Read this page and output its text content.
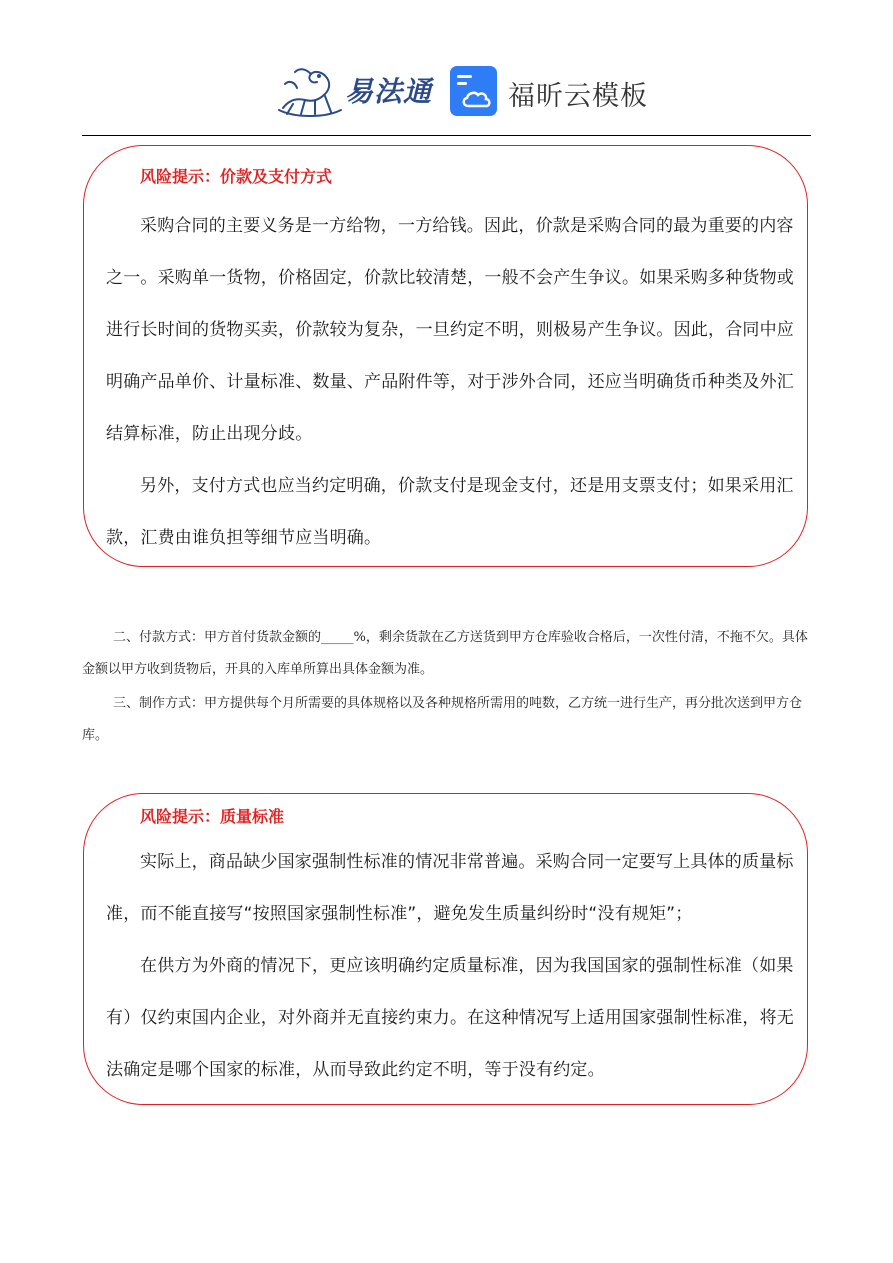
易法通	福昕云模板
风险提示：价款及支付方式

采购合同的主要义务是一方给物，一方给钱。因此，价款是采购合同的最为重要的内容之一。采购单一货物，价格固定，价款比较清楚，一般不会产生争议。如果采购多种货物或进行长时间的货物买卖，价款较为复杂，一旦约定不明，则极易产生争议。因此，合同中应明确产品单价、计量标准、数量、产品附件等，对于涉外合同，还应当明确货币种类及外汇结算标准，防止出现分歧。

另外，支付方式也应当约定明确，价款支付是现金支付，还是用支票支付；如果采用汇款，汇费由谁负担等细节应当明确。

二、付款方式：甲方首付货款金额的_____%，剩余货款在乙方送货到甲方仓库验收合格后，一次性付清，不拖不欠。具体金额以甲方收到货物后，开具的入库单所算出具体金额为准。

三、制作方式：甲方提供每个月所需要的具体规格以及各种规格所需用的吨数，乙方统一进行生产，再分批次送到甲方仓库。

风险提示：质量标准

实际上，商品缺少国家强制性标准的情况非常普遍。采购合同一定要写上具体的质量标准，而不能直接写“按照国家强制性标准”，避免发生质量纠纷时“没有规矩”；

在供方为外商的情况下，更应该明确约定质量标准，因为我国国家的强制性标准（如果有）仅约束国内企业，对外商并无直接约束力。在这种情况写上适用国家强制性标准，将无法确定是哪个国家的标准，从而导致此约定不明，等于没有约定。
